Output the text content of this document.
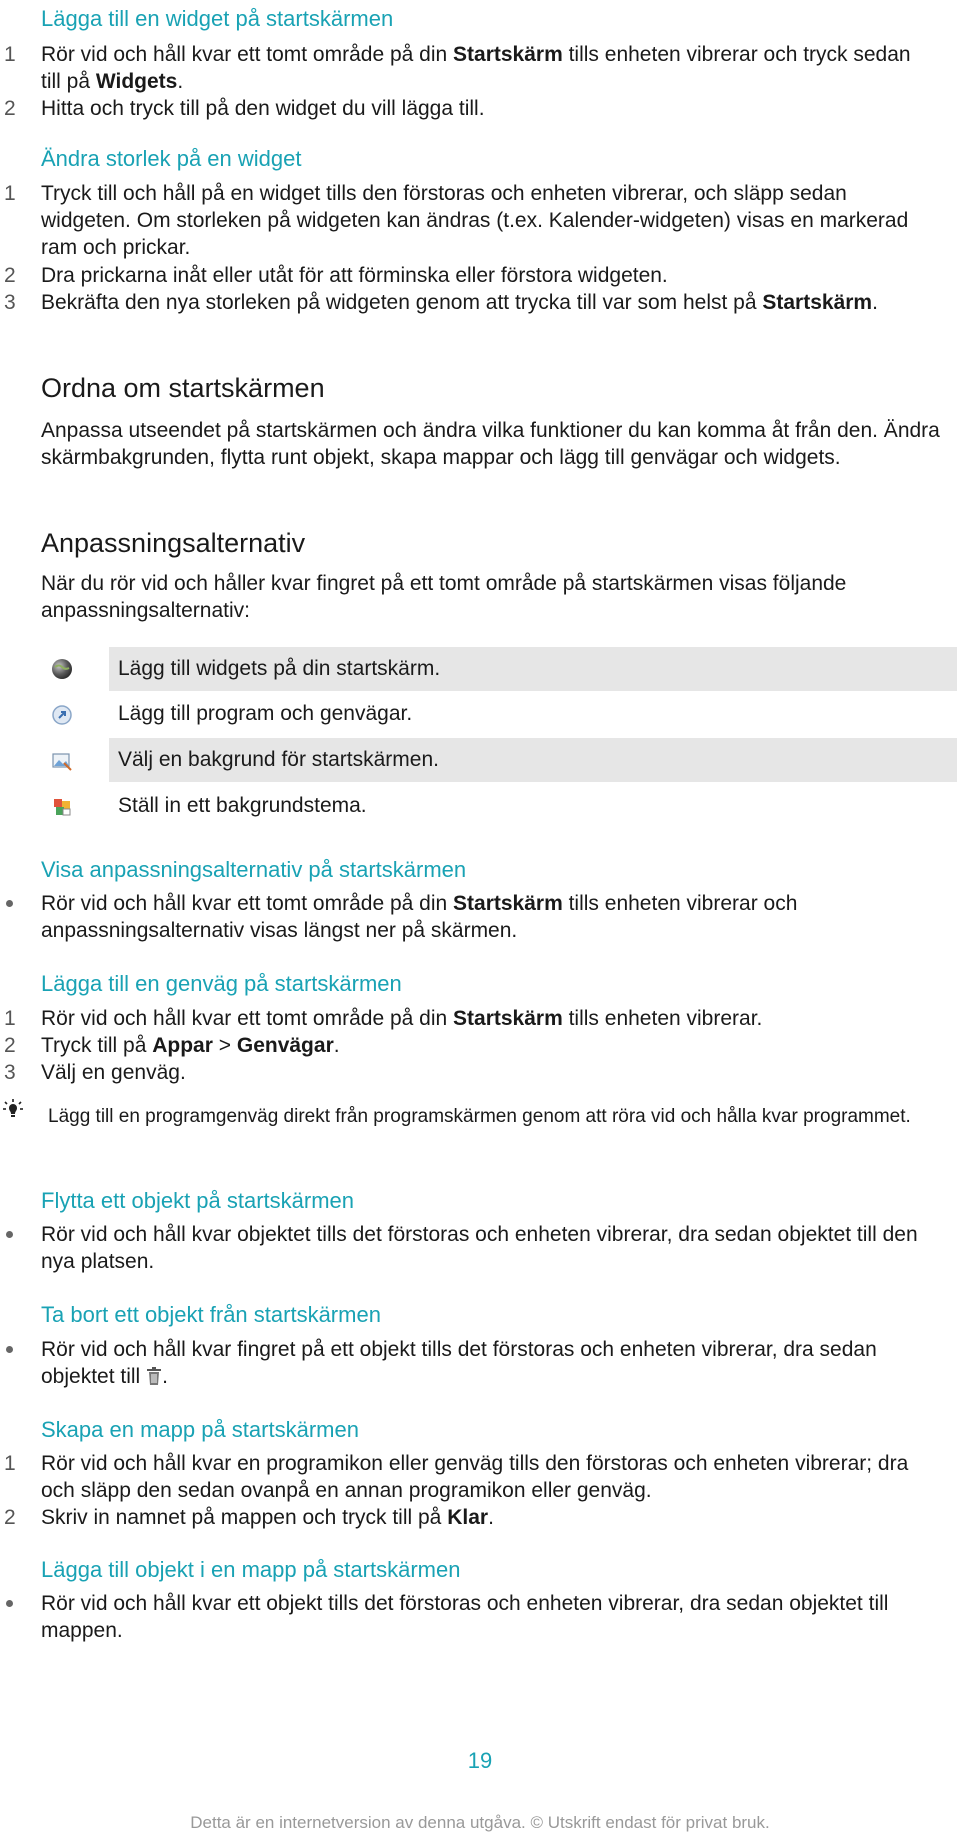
Lägga till en widget på startskärmen
1 Rör vid och håll kvar ett tomt område på din Startskärm tills enheten vibrerar och tryck sedan till på Widgets.
2 Hitta och tryck till på den widget du vill lägga till.
Ändra storlek på en widget
1 Tryck till och håll på en widget tills den förstoras och enheten vibrerar, och släpp sedan widgeten. Om storleken på widgeten kan ändras (t.ex. Kalender-widgeten) visas en markerad ram och prickar.
2 Dra prickarna inåt eller utåt för att förminska eller förstora widgeten.
3 Bekräfta den nya storleken på widgeten genom att trycka till var som helst på Startskärm.
Ordna om startskärmen
Anpassa utseendet på startskärmen och ändra vilka funktioner du kan komma åt från den. Ändra skärmbakgrunden, flytta runt objekt, skapa mappar och lägg till genvägar och widgets.
Anpassningsalternativ
När du rör vid och håller kvar fingret på ett tomt område på startskärmen visas följande anpassningsalternativ:
Lägg till widgets på din startskärm.
Lägg till program och genvägar.
Välj en bakgrund för startskärmen.
Ställ in ett bakgrundstema.
Visa anpassningsalternativ på startskärmen
Rör vid och håll kvar ett tomt område på din Startskärm tills enheten vibrerar och anpassningsalternativ visas längst ner på skärmen.
Lägga till en genväg på startskärmen
1 Rör vid och håll kvar ett tomt område på din Startskärm tills enheten vibrerar.
2 Tryck till på Appar > Genvägar.
3 Välj en genväg.
Lägg till en programgenväg direkt från programskärmen genom att röra vid och hålla kvar programmet.
Flytta ett objekt på startskärmen
Rör vid och håll kvar objektet tills det förstoras och enheten vibrerar, dra sedan objektet till den nya platsen.
Ta bort ett objekt från startskärmen
Rör vid och håll kvar fingret på ett objekt tills det förstoras och enheten vibrerar, dra sedan objektet till .
Skapa en mapp på startskärmen
1 Rör vid och håll kvar en programikon eller genväg tills den förstoras och enheten vibrerar; dra och släpp den sedan ovanpå en annan programikon eller genväg.
2 Skriv in namnet på mappen och tryck till på Klar.
Lägga till objekt i en mapp på startskärmen
Rör vid och håll kvar ett objekt tills det förstoras och enheten vibrerar, dra sedan objektet till mappen.
19
Detta är en internetversion av denna utgåva. © Utskrift endast för privat bruk.
